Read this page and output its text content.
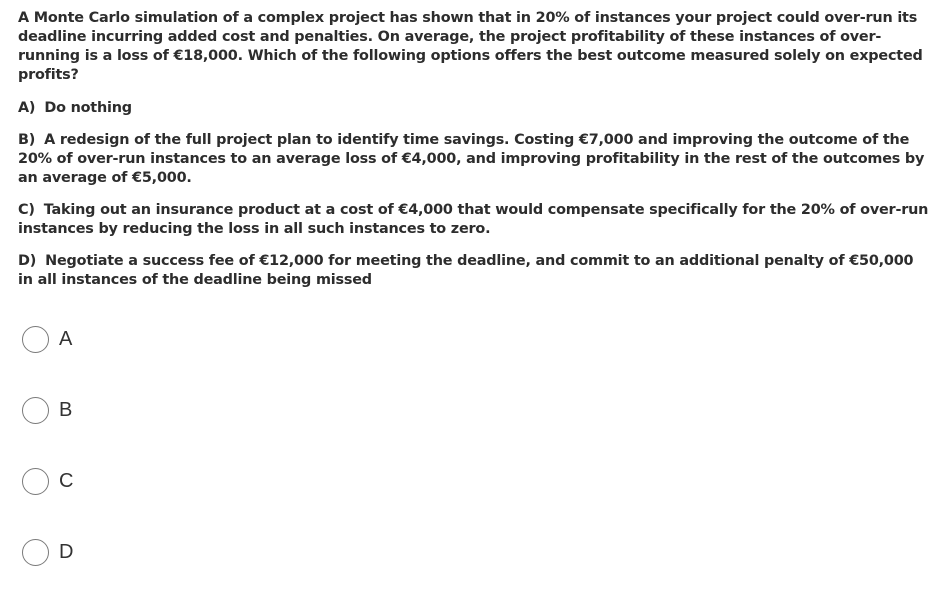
A Monte Carlo simulation of a complex project has shown that in 20% of instances your project could over-run its deadline incurring added cost and penalties. On average, the project profitability of these instances of over-running is a loss of €18,000. Which of the following options offers the best outcome measured solely on expected profits?

A) Do nothing

B) A redesign of the full project plan to identify time savings. Costing €7,000 and improving the outcome of the 20% of over-run instances to an average loss of €4,000, and improving profitability in the rest of the outcomes by an average of €5,000.

C) Taking out an insurance product at a cost of €4,000 that would compensate specifically for the 20% of over-run instances by reducing the loss in all such instances to zero.

D) Negotiate a success fee of €12,000 for meeting the deadline, and commit to an additional penalty of €50,000 in all instances of the deadline being missed

A
B
C
D
